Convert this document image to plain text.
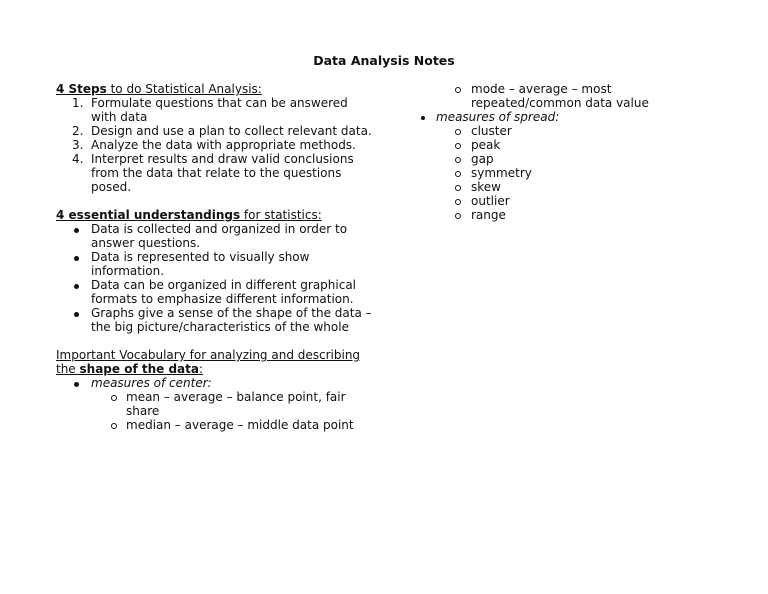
Data Analysis Notes
4 Steps to do Statistical Analysis:
1. Formulate questions that can be answered with data
2. Design and use a plan to collect relevant data.
3. Analyze the data with appropriate methods.
4. Interpret results and draw valid conclusions from the data that relate to the questions posed.
4 essential understandings for statistics:
Data is collected and organized in order to answer questions.
Data is represented to visually show information.
Data can be organized in different graphical formats to emphasize different information.
Graphs give a sense of the shape of the data – the big picture/characteristics of the whole
Important Vocabulary for analyzing and describing the shape of the data:
measures of center:
mean – average – balance point, fair share
median – average – middle data point
mode – average – most repeated/common data value
measures of spread:
cluster
peak
gap
symmetry
skew
outlier
range
